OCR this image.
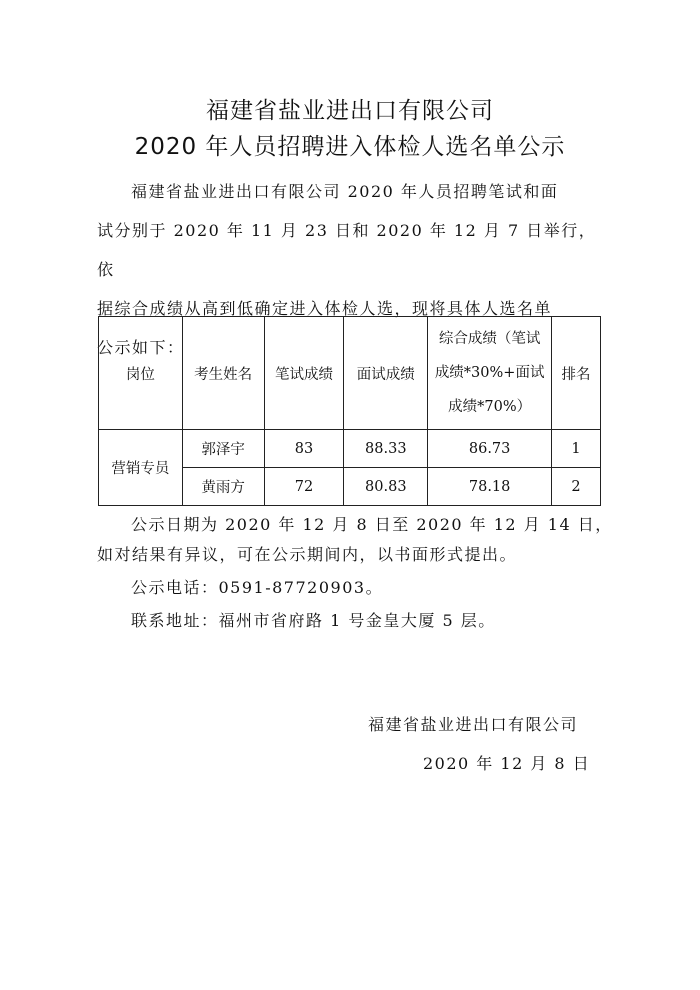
福建省盐业进出口有限公司
2020 年人员招聘进入体检人选名单公示
福建省盐业进出口有限公司 2020 年人员招聘笔试和面
试分别于 2020 年 11 月 23 日和 2020 年 12 月 7 日举行，依
据综合成绩从高到低确定进入体检人选，现将具体人选名单
公示如下：
岗位	考生姓名	笔试成绩	面试成绩	综合成绩（笔试
成绩*30%+面试
成绩*70%）	排名
营销专员	郭泽宇	83	88.33	86.73	1
	黄雨方	72	80.83	78.18	2
公示日期为 2020 年 12 月 8 日至 2020 年 12 月 14 日，
如对结果有异议，可在公示期间内，以书面形式提出。
公示电话：0591-87720903。
联系地址：福州市省府路 1 号金皇大厦 5 层。
福建省盐业进出口有限公司
2020 年 12 月 8 日
